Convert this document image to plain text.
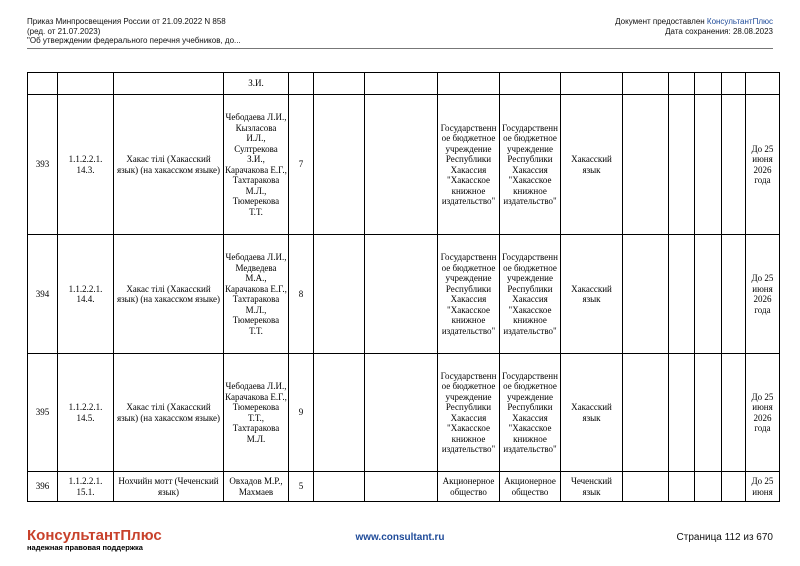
Приказ Минпросвещения России от 21.09.2022 N 858
(ред. от 21.07.2023)
"Об утверждении федерального перечня учебников, до...
Документ предоставлен КонсультантПлюс
Дата сохранения: 28.08.2023
			З.И.											
393	1.1.2.2.1. 14.3.	Хакас тілі (Хакасский язык) (на хакасском языке)	Чебодаева Л.И., Кызласова И.Л., Султрекова З.И., Карачакова Е.Г., Тахтаракова М.Л., Тюмерекова Т.Т.	7			Государственное бюджетное учреждение Республики Хакассия "Хакасское книжное издательство"	Государственное бюджетное учреждение Республики Хакассия "Хакасское книжное издательство"	Хакасский язык					До 25 июня 2026 года
394	1.1.2.2.1. 14.4.	Хакас тілі (Хакасский язык) (на хакасском языке)	Чебодаева Л.И., Медведева М.А., Карачакова Е.Г., Тахтаракова М.Л., Тюмерекова Т.Т.	8			Государственное бюджетное учреждение Республики Хакассия "Хакасское книжное издательство"	Государственное бюджетное учреждение Республики Хакассия "Хакасское книжное издательство"	Хакасский язык					До 25 июня 2026 года
395	1.1.2.2.1. 14.5.	Хакас тілі (Хакасский язык) (на хакасском языке)	Чебодаева Л.И., Карачакова Е.Г., Тюмерекова Т.Т., Тахтаракова М.Л.	9			Государственное бюджетное учреждение Республики Хакассия "Хакасское книжное издательство"	Государственное бюджетное учреждение Республики Хакассия "Хакасское книжное издательство"	Хакасский язык					До 25 июня 2026 года
396	1.1.2.2.1. 15.1.	Нохчийн мотт (Чеченский язык)	Овхадов М.Р., Махмаев	5			Акционерное общество	Акционерное общество	Чеченский язык					До 25 июня
КонсультантПлюс
надежная правовая поддержка
www.consultant.ru	Страница 112 из 670
